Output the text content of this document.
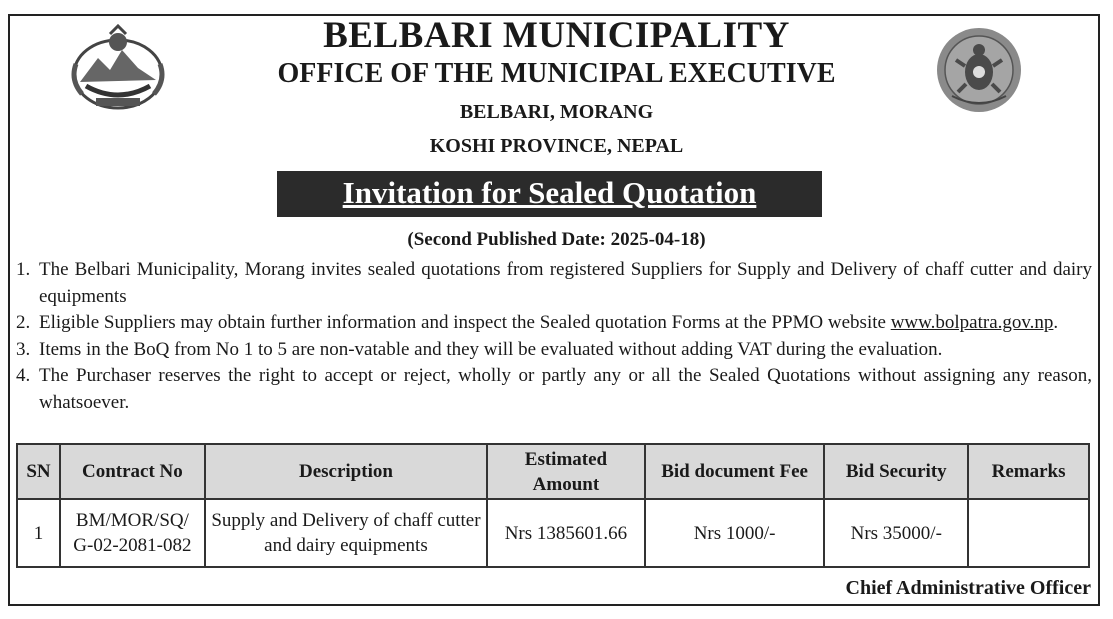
BELBARI MUNICIPALITY
OFFICE OF THE MUNICIPAL EXECUTIVE
BELBARI, MORANG
KOSHI PROVINCE, NEPAL
Invitation for Sealed Quotation
(Second Published Date: 2025-04-18)
1. The Belbari Municipality, Morang invites sealed quotations from registered Suppliers for Supply and Delivery of chaff cutter and dairy equipments
2. Eligible Suppliers may obtain further information and inspect the Sealed quotation Forms at the PPMO website www.bolpatra.gov.np.
3. Items in the BoQ from No 1 to 5 are non-vatable and they will be evaluated without adding VAT during the evaluation.
4. The Purchaser reserves the right to accept or reject, wholly or partly any or all the Sealed Quotations without assigning any reason, whatsoever.
SN	Contract No	Description	Estimated Amount	Bid document Fee	Bid Security	Remarks
1	BM/MOR/SQ/ G-02-2081-082	Supply and Delivery of chaff cutter and dairy equipments	Nrs 1385601.66	Nrs 1000/-	Nrs 35000/-	
Chief Administrative Officer
